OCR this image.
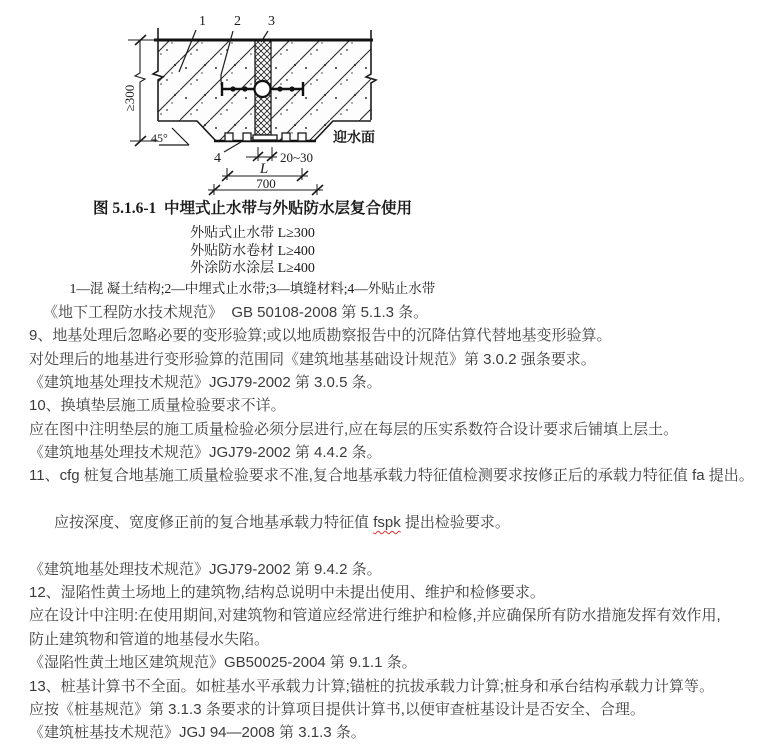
≥300
45°
20~30
L
700
1 2 3
4
迎水面
图 5.1.6-1  中埋式止水带与外贴防水层复合使用
外贴式止水带 L≥300
外贴防水卷材 L≥400
外涂防水涂层 L≥400
1—混 凝土结构;2—中埋式止水带;3—填缝材料;4—外贴止水带
《地下工程防水技术规范》  GB 50108-2008 第 5.1.3 条。
9、地基处理后忽略必要的变形验算;或以地质勘察报告中的沉降估算代替地基变形验算。
对处理后的地基进行变形验算的范围同《建筑地基基础设计规范》第 3.0.2 强条要求。
《建筑地基处理技术规范》JGJ79-2002 第 3.0.5 条。
10、换填垫层施工质量检验要求不详。
应在图中注明垫层的施工质量检验必须分层进行,应在每层的压实系数符合设计要求后铺填上层土。
《建筑地基处理技术规范》JGJ79-2002 第 4.4.2 条。
11、cfg 桩复合地基施工质量检验要求不准,复合地基承载力特征值检测要求按修正后的承载力特征值 fa 提出。

应按深度、宽度修正前的复合地基承载力特征值 fspk 提出检验要求。

《建筑地基处理技术规范》JGJ79-2002 第 9.4.2 条。
12、湿陷性黄土场地上的建筑物,结构总说明中未提出使用、维护和检修要求。
应在设计中注明:在使用期间,对建筑物和管道应经常进行维护和检修,并应确保所有防水措施发挥有效作用,
防止建筑物和管道的地基侵水失陷。
《湿陷性黄土地区建筑规范》GB50025-2004 第 9.1.1 条。
13、桩基计算书不全面。如桩基水平承载力计算;锚桩的抗拔承载力计算;桩身和承台结构承载力计算等。
应按《桩基规范》第 3.1.3 条要求的计算项目提供计算书,以便审查桩基设计是否安全、合理。
《建筑桩基技术规范》JGJ 94—2008 第 3.1.3 条。
